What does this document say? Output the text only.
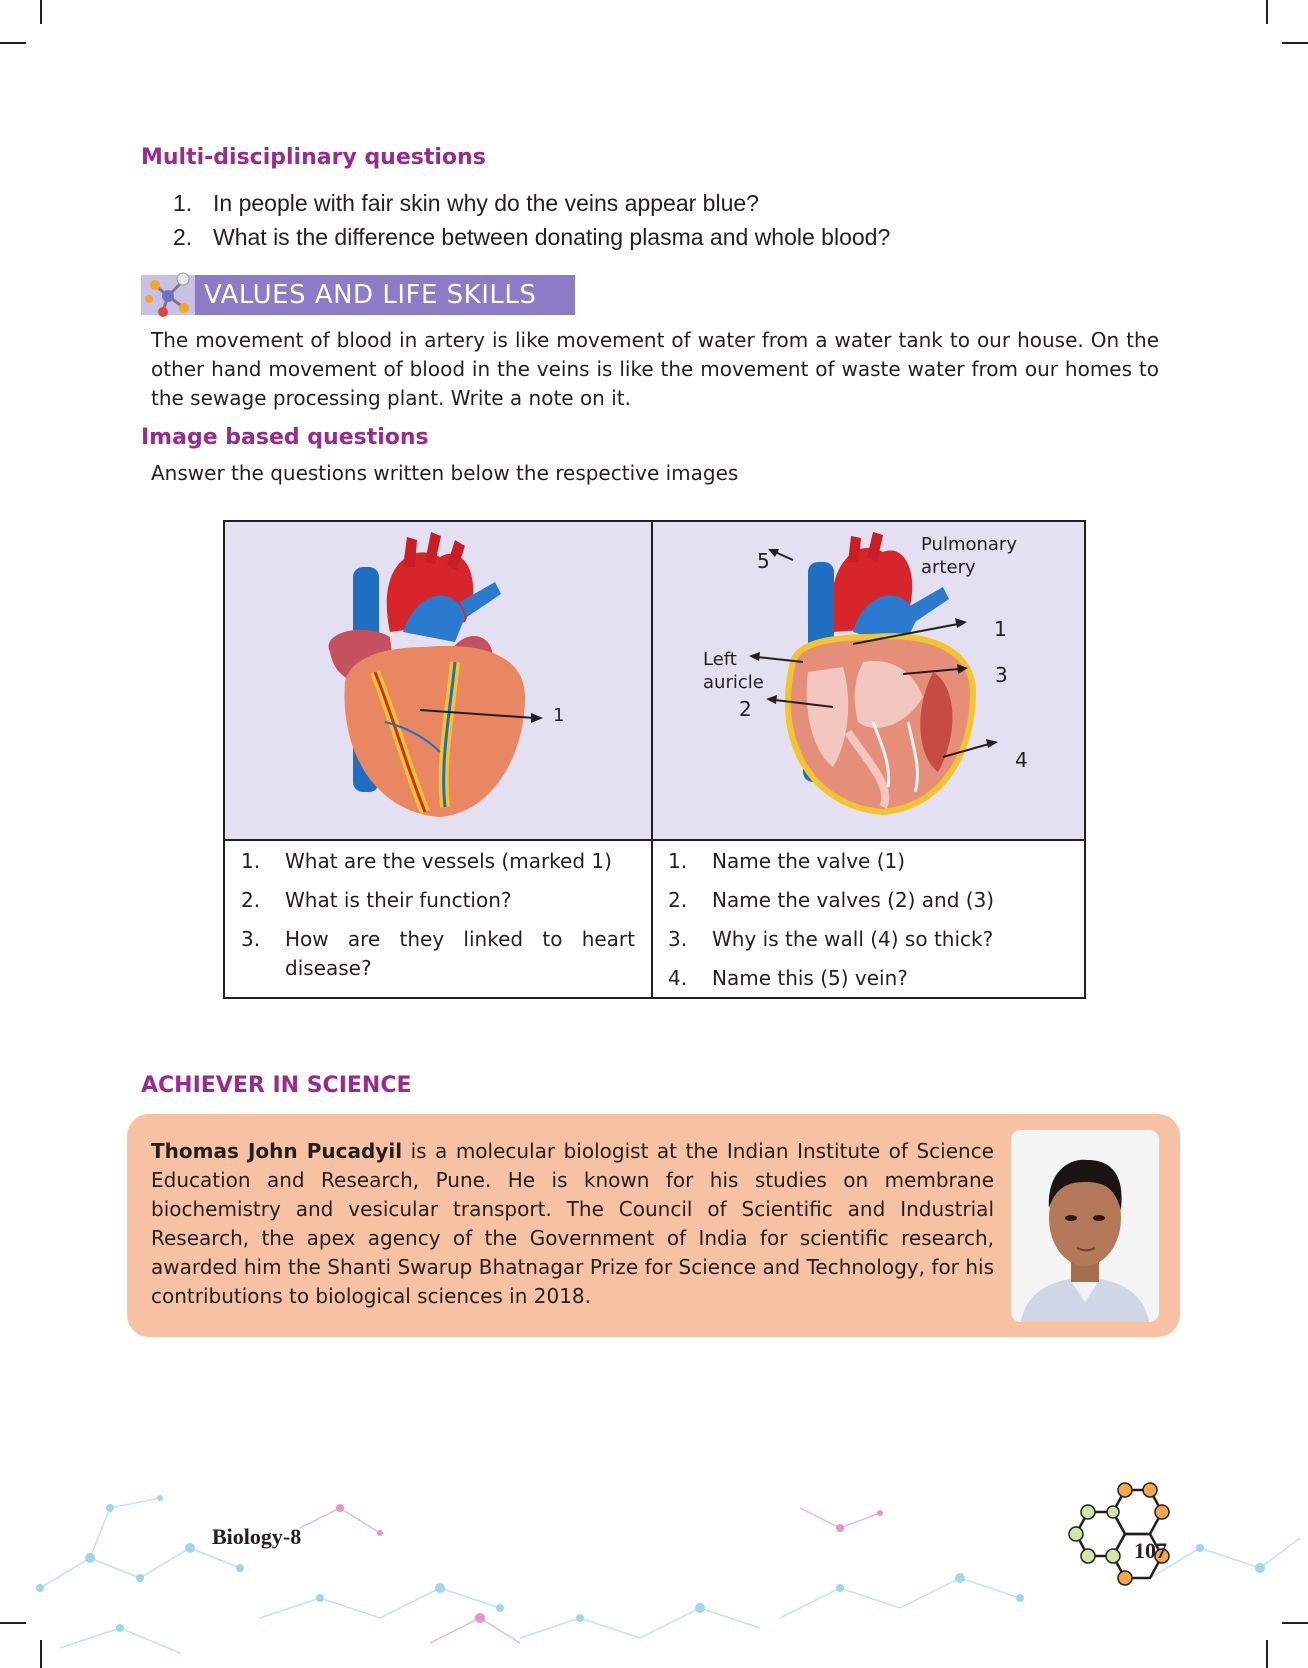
Multi-disciplinary questions
1. In people with fair skin why do the veins appear blue?
2. What is the difference between donating plasma and whole blood?
VALUES AND LIFE SKILLS
The movement of blood in artery is like movement of water from a water tank to our house. On the other hand movement of blood in the veins is like the movement of waste water from our homes to the sewage processing plant. Write a note on it.
Image based questions
Answer the questions written below the respective images
1
Pulmonary
artery
5
1
Left
auricle	3
2
4
1.	What are the vessels (marked 1)
2.	What is their function?
3.	How are they linked to heart disease?
1.	Name the valve (1)
2.	Name the valves (2) and (3)
3.	Why is the wall (4) so thick?
4.	Name this (5) vein?
ACHIEVER IN SCIENCE
Thomas John Pucadyil is a molecular biologist at the Indian Institute of Science Education and Research, Pune. He is known for his studies on membrane biochemistry and vesicular transport. The Council of Scientific and Industrial Research, the apex agency of the Government of India for scientific research, awarded him the Shanti Swarup Bhatnagar Prize for Science and Technology, for his contributions to biological sciences in 2018.
Biology-8
107
